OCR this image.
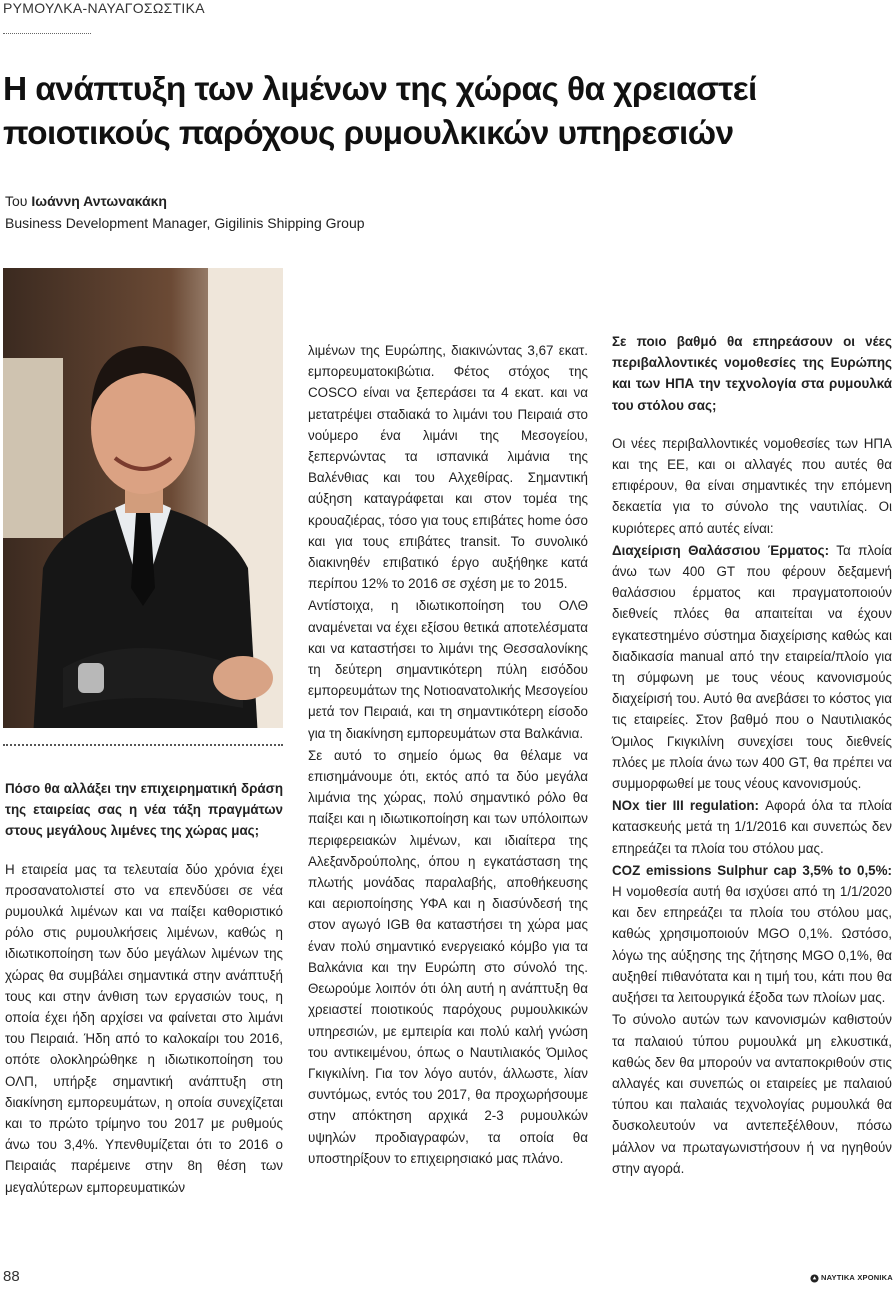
ΡΥΜΟΥΛΚΑ-ΝΑΥΑΓΟΣΩΣΤΙΚΑ
Η ανάπτυξη των λιμένων της χώρας θα χρειαστεί
ποιοτικούς παρόχους ρυμουλκικών υπηρεσιών
Του Ιωάννη Αντωνακάκη
Business Development Manager, Gigilinis Shipping Group

Πόσο θα αλλάξει την επιχειρηματική δράση της εταιρείας σας η νέα τάξη πραγμάτων στους μεγάλους λιμένες της χώρας μας;

Η εταιρεία μας τα τελευταία δύο χρόνια έχει προσανατολιστεί στο να επενδύσει σε νέα ρυμουλκά λιμένων και να παίξει καθοριστικό ρόλο στις ρυμουλκήσεις λιμένων, καθώς η ιδιωτικοποίηση των δύο μεγάλων λιμένων της χώρας θα συμβάλει σημαντικά στην ανάπτυξή τους και στην άνθιση των εργασιών τους, η οποία έχει ήδη αρχίσει να φαίνεται στο λιμάνι του Πειραιά. Ήδη από το καλοκαίρι του 2016, οπότε ολοκληρώθηκε η ιδιωτικοποίηση του ΟΛΠ, υπήρξε σημαντική ανάπτυξη στη διακίνηση εμπορευμάτων, η οποία συνεχίζεται και το πρώτο τρίμηνο του 2017 με ρυθμούς άνω του 3,4%. Υπενθυμίζεται ότι το 2016 ο Πειραιάς παρέμεινε στην 8η θέση των μεγαλύτερων εμπορευματικών

λιμένων της Ευρώπης, διακινώντας 3,67 εκατ. εμπορευματοκιβώτια. Φέτος στόχος της COSCO είναι να ξεπεράσει τα 4 εκατ. και να μετατρέψει σταδιακά το λιμάνι του Πειραιά στο νούμερο ένα λιμάνι της Μεσογείου, ξεπερνώντας τα ισπανικά λιμάνια της Βαλένθιας και του Αλχεθίρας. Σημαντική αύξηση καταγράφεται και στον τομέα της κρουαζιέρας, τόσο για τους επιβάτες home όσο και για τους επιβάτες transit. Το συνολικό διακινηθέν επιβατικό έργο αυξήθηκε κατά περίπου 12% το 2016 σε σχέση με το 2015.

Αντίστοιχα, η ιδιωτικοποίηση του ΟΛΘ αναμένεται να έχει εξίσου θετικά αποτελέσματα και να καταστήσει το λιμάνι της Θεσσαλονίκης τη δεύτερη σημαντικότερη πύλη εισόδου εμπορευμάτων της Νοτιοανατολικής Μεσογείου μετά τον Πειραιά, και τη σημαντικότερη είσοδο για τη διακίνηση εμπορευμάτων στα Βαλκάνια.

Σε αυτό το σημείο όμως θα θέλαμε να επισημάνουμε ότι, εκτός από τα δύο μεγάλα λιμάνια της χώρας, πολύ σημαντικό ρόλο θα παίξει και η ιδιωτικοποίηση και των υπόλοιπων περιφερειακών λιμένων, και ιδιαίτερα της Αλεξανδρούπολης, όπου η εγκατάσταση της πλωτής μονάδας παραλαβής, αποθήκευσης και αεριοποίησης ΥΦΑ και η διασύνδεσή της στον αγωγό IGB θα καταστήσει τη χώρα μας έναν πολύ σημαντικό ενεργειακό κόμβο για τα Βαλκάνια και την Ευρώπη στο σύνολό της. Θεωρούμε λοιπόν ότι όλη αυτή η ανάπτυξη θα χρειαστεί ποιοτικούς παρόχους ρυμουλκικών υπηρεσιών, με εμπειρία και πολύ καλή γνώση του αντικειμένου, όπως ο Ναυτιλιακός Όμιλος Γκιγκιλίνη. Για τον λόγο αυτόν, άλλωστε, λίαν συντόμως, εντός του 2017, θα προχωρήσουμε στην απόκτηση αρχικά 2-3 ρυμουλκών υψηλών προδιαγραφών, τα οποία θα υποστηρίξουν το επιχειρησιακό μας πλάνο.

Σε ποιο βαθμό θα επηρεάσουν οι νέες περιβαλλοντικές νομοθεσίες της Ευρώπης και των ΗΠΑ την τεχνολογία στα ρυμουλκά του στόλου σας;

Οι νέες περιβαλλοντικές νομοθεσίες των ΗΠΑ και της ΕΕ, και οι αλλαγές που αυτές θα επιφέρουν, θα είναι σημαντικές την επόμενη δεκαετία για το σύνολο της ναυτιλίας. Οι κυριότερες από αυτές είναι:

Διαχείριση Θαλάσσιου Έρματος: Τα πλοία άνω των 400 GT που φέρουν δεξαμενή θαλάσσιου έρματος και πραγματοποιούν διεθνείς πλόες θα απαιτείται να έχουν εγκατεστημένο σύστημα διαχείρισης καθώς και διαδικασία manual από την εταιρεία/πλοίο για τη σύμφωνη με τους νέους κανονισμούς διαχείρισή του. Αυτό θα ανεβάσει το κόστος για τις εταιρείες. Στον βαθμό που ο Ναυτιλιακός Όμιλος Γκιγκιλίνη συνεχίσει τους διεθνείς πλόες με πλοία άνω των 400 GT, θα πρέπει να συμμορφωθεί με τους νέους κανονισμούς.

NOx tier III regulation: Αφορά όλα τα πλοία κατασκευής μετά τη 1/1/2016 και συνεπώς δεν επηρεάζει τα πλοία του στόλου μας.

COZ emissions Sulphur cap 3,5% to 0,5%: Η νομοθεσία αυτή θα ισχύσει από τη 1/1/2020 και δεν επηρεάζει τα πλοία του στόλου μας, καθώς χρησιμοποιούν MGO 0,1%. Ωστόσο, λόγω της αύξησης της ζήτησης MGO 0,1%, θα αυξηθεί πιθανότατα και η τιμή του, κάτι που θα αυξήσει τα λειτουργικά έξοδα των πλοίων μας.

Το σύνολο αυτών των κανονισμών καθιστούν τα παλαιού τύπου ρυμουλκά μη ελκυστικά, καθώς δεν θα μπορούν να ανταποκριθούν στις αλλαγές και συνεπώς οι εταιρείες με παλαιού τύπου και παλαιάς τεχνολογίας ρυμουλκά θα δυσκολευτούν να αντεπεξέλθουν, πόσω μάλλον να πρωταγωνιστήσουν ή να ηγηθούν στην αγορά.

88	ΝΑΥΤΙΚΑ ΧΡΟΝΙΚΑ
